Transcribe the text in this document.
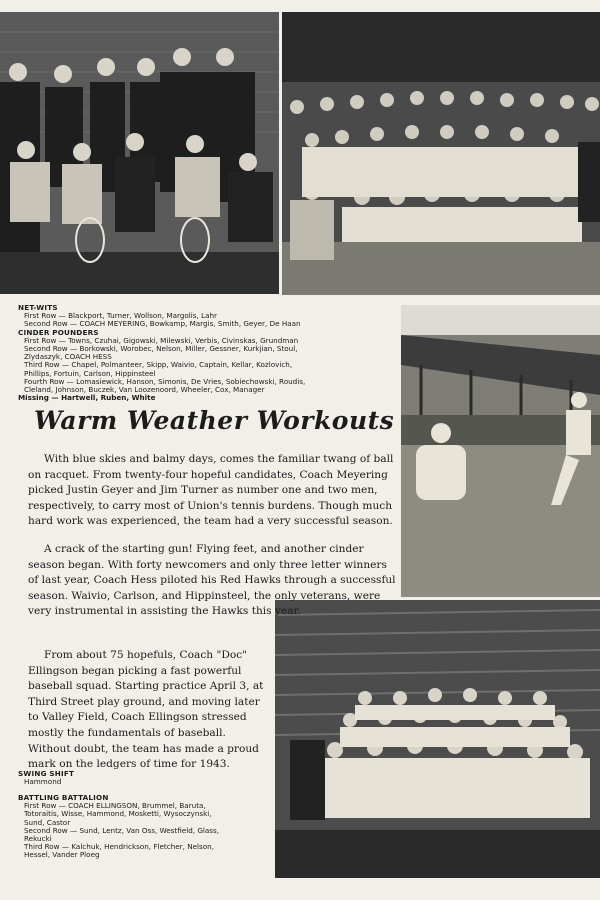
NET-WITS
First Row — Blackport, Turner, Wollson, Margolis, Lahr
Second Row — COACH MEYERING, Bowkamp, Margis, Smith, Geyer, De Haan
CINDER POUNDERS
First Row — Towns, Czuhai, Gigowski, Milewski, Verbis, Civinskas, Grundman
Second Row — Borkowski, Worobec, Nelson, Miller, Gessner, Kurkjian, Stoul,
Zlydaszyk, COACH HESS
Third Row — Chapel, Polmanteer, Skipp, Waivio, Captain, Kellar, Kozlovich,
Phillips, Fortuin, Carlson, Hippinsteel
Fourth Row — Lomasiewick, Hanson, Simonis, De Vries, Sobiechowski, Roudis,
Cleland, Johnson, Buczek, Van Loozenoord, Wheeler, Cox, Manager
Missing — Hartwell, Ruben, White
Warm Weather Workouts

With blue skies and balmy days, comes the familiar twang of ball on racquet. From twenty-four hopeful candidates, Coach Meyering picked Justin Geyer and Jim Turner as number one and two men, respectively, to carry most of Union's tennis burdens. Though much hard work was experienced, the team had a very successful season.

A crack of the starting gun! Flying feet, and another cinder season began. With forty newcomers and only three letter winners of last year, Coach Hess piloted his Red Hawks through a successful season. Waivio, Carlson, and Hippinsteel, the only veterans, were very instrumental in assisting the Hawks this year.

From about 75 hopefuls, Coach "Doc" Ellingson began picking a fast powerful baseball squad. Starting practice April 3, at Third Street play ground, and moving later to Valley Field, Coach Ellingson stressed mostly the fundamentals of baseball. Without doubt, the team has made a proud mark on the ledgers of time for 1943.

SWING SHIFT
Hammond
BATTLING BATTALION
First Row — COACH ELLINGSON, Brummel, Baruta,
Totoraitis, Wisse, Hammond, Mosketti, Wysoczynski,
Sund, Castor
Second Row — Sund, Lentz, Van Oss, Westfield, Glass,
Rekucki
Third Row — Kalchuk, Hendrickson, Fletcher, Nelson,
Hessel, Vander Ploeg
